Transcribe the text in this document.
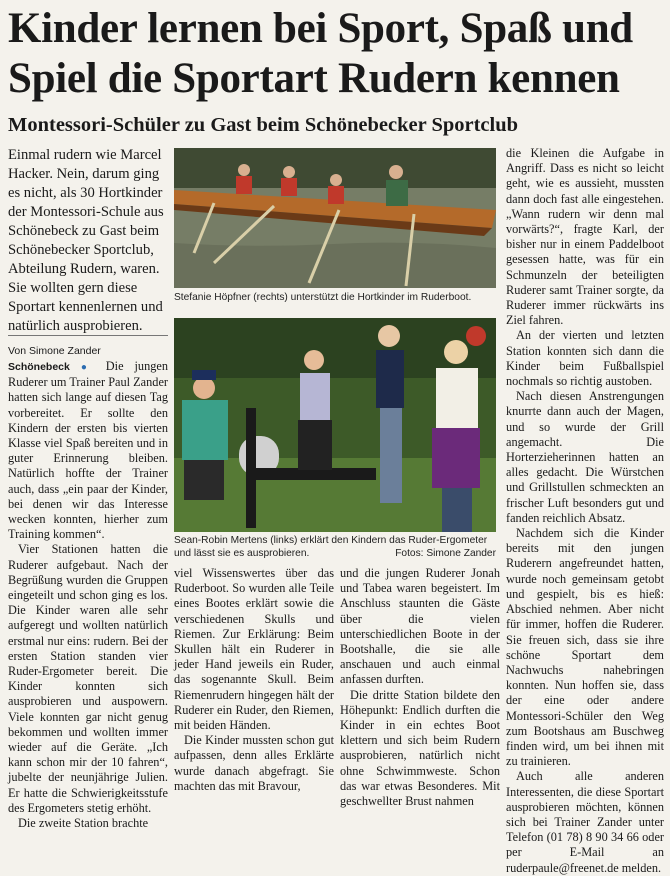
Kinder lernen bei Sport, Spaß und Spiel die Sportart Rudern kennen
Montessori-Schüler zu Gast beim Schönebecker Sportclub

Einmal rudern wie Marcel Hacker. Nein, darum ging es nicht, als 30 Hortkinder der Montessori-Schule aus Schönebeck zu Gast beim Schönebecker Sportclub, Abteilung Rudern, waren. Sie wollten gern diese Sportart kennenlernen und natürlich ausprobieren.

Von Simone Zander

Schönebeck ● Die jungen Ruderer um Trainer Paul Zander hatten sich lange auf diesen Tag vorbereitet. Er sollte den Kindern der ersten bis vierten Klasse viel Spaß bereiten und in guter Erinnerung bleiben. Natürlich hoffte der Trainer auch, dass „ein paar der Kinder, bei denen wir das Interesse wecken konnten, hierher zum Training kommen“.

Vier Stationen hatten die Ruderer aufgebaut. Nach der Begrüßung wurden die Gruppen eingeteilt und schon ging es los. Die Kinder waren alle sehr aufgeregt und wollten natürlich erstmal nur eins: rudern. Bei der ersten Station standen vier Ruder-Ergometer bereit. Die Kinder konnten sich ausprobieren und auspowern. Viele konnten gar nicht genug bekommen und wollten immer wieder auf die Geräte. „Ich kann schon mir der 10 fahren“, jubelte der neunjährige Julien. Er hatte die Schwierigkeitsstufe des Ergometers stetig erhöht.

Die zweite Station brachte

Stefanie Höpfner (rechts) unterstützt die Hortkinder im Ruderboot.
Sean-Robin Mertens (links) erklärt den Kindern das Ruder-Ergometer und lässt sie es ausprobieren.	Fotos: Simone Zander

viel Wissenswertes über das Ruderboot. So wurden alle Teile eines Bootes erklärt sowie die verschiedenen Skulls und Riemen. Zur Erklärung: Beim Skullen hält ein Ruderer in jeder Hand jeweils ein Ruder, das sogenannte Skull. Beim Riemenrudern hingegen hält der Ruderer ein Ruder, den Riemen, mit beiden Händen.

Die Kinder mussten schon gut aufpassen, denn alles Erklärte wurde danach abgefragt. Sie machten das mit Bravour,

und die jungen Ruderer Jonah und Tabea waren begeistert. Im Anschluss staunten die Gäste über die vielen unterschiedlichen Boote in der Bootshalle, die sie alle anschauen und auch einmal anfassen durften.

Die dritte Station bildete den Höhepunkt: Endlich durften die Kinder in ein echtes Boot klettern und sich beim Rudern ausprobieren, natürlich nicht ohne Schwimmweste. Schon das war etwas Besonderes. Mit geschwellter Brust nahmen

die Kleinen die Aufgabe in Angriff. Dass es nicht so leicht geht, wie es aussieht, mussten dann doch fast alle eingestehen. „Wann rudern wir denn mal vorwärts?“, fragte Karl, der bisher nur in einem Paddelboot gesessen hatte, was für ein Schmunzeln der beteiligten Ruderer samt Trainer sorgte, da Ruderer immer rückwärts ins Ziel fahren.

An der vierten und letzten Station konnten sich dann die Kinder beim Fußballspiel nochmals so richtig austoben.

Nach diesen Anstrengungen knurrte dann auch der Magen, und so wurde der Grill angemacht. Die Horterzieherinnen hatten an alles gedacht. Die Würstchen und Grillstullen schmeckten an frischer Luft besonders gut und fanden reichlich Absatz.

Nachdem sich die Kinder bereits mit den jungen Ruderern angefreundet hatten, wurde noch gemeinsam getobt und gespielt, bis es hieß: Abschied nehmen. Aber nicht für immer, hoffen die Ruderer. Sie freuen sich, dass sie ihre schöne Sportart dem Nachwuchs nahebringen konnten. Nun hoffen sie, dass der eine oder andere Montessori-Schüler den Weg zum Bootshaus am Buschweg finden wird, um bei ihnen mit zu trainieren.

Auch alle anderen Interessenten, die diese Sportart ausprobieren möchten, können sich bei Trainer Zander unter Telefon (01 78) 8 90 34 66 oder per E-Mail an ruderpaule@freenet.de melden.
